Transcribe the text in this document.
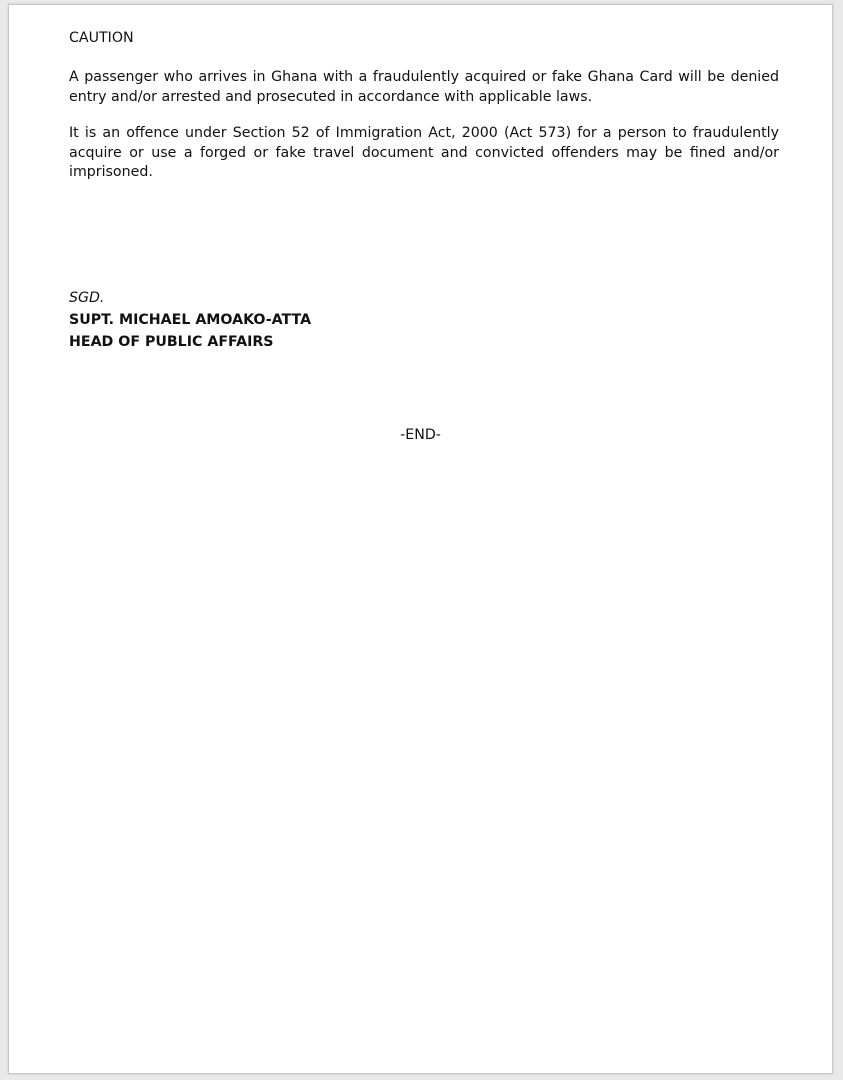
CAUTION

A passenger who arrives in Ghana with a fraudulently acquired or fake Ghana Card will be denied entry and/or arrested and prosecuted in accordance with applicable laws.

It is an offence under Section 52 of Immigration Act, 2000 (Act 573) for a person to fraudulently acquire or use a forged or fake travel document and convicted offenders may be fined and/or imprisoned.

SGD.

SUPT. MICHAEL AMOAKO-ATTA

HEAD OF PUBLIC AFFAIRS

-END-
